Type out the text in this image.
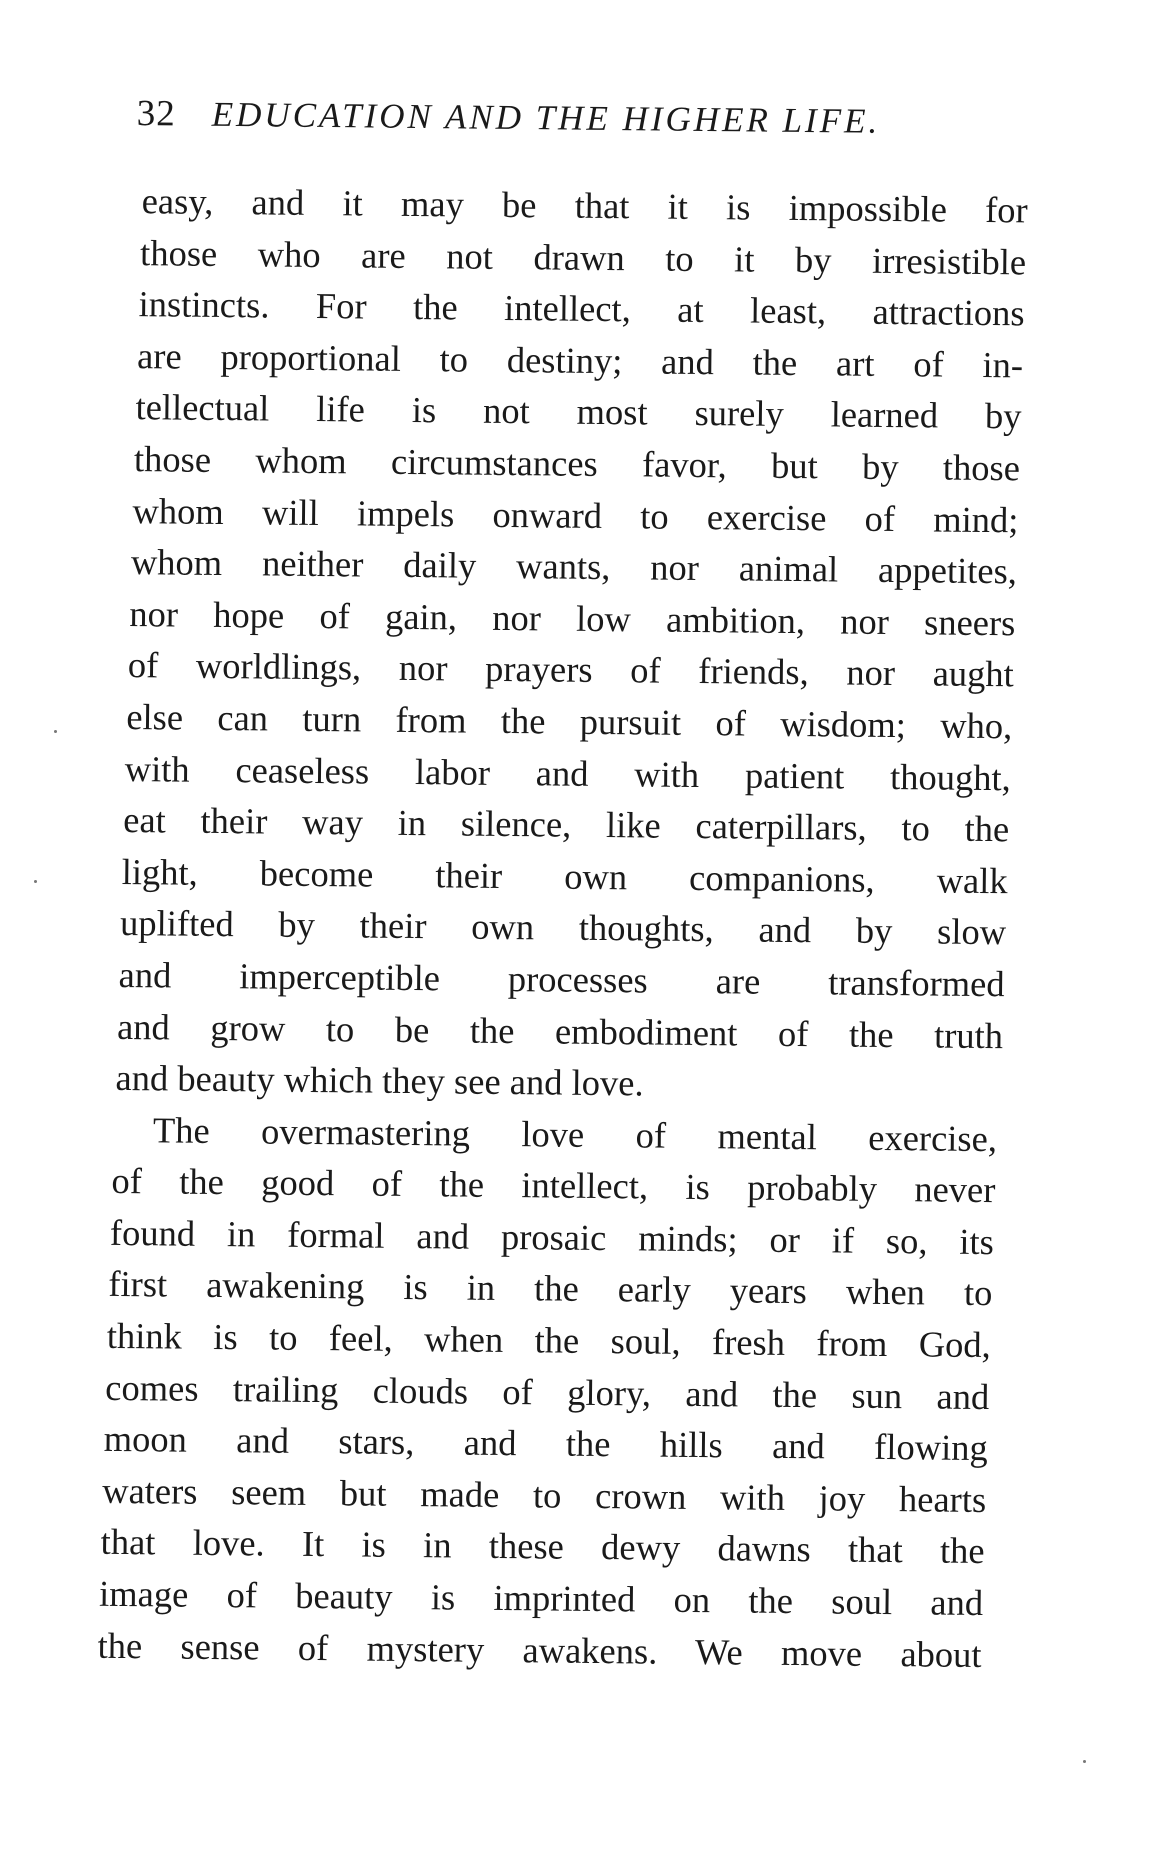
32 EDUCATION AND THE HIGHER LIFE.
easy, and it may be that it is impossible for
those who are not drawn to it by irresistible
instincts. For the intellect, at least, attractions
are proportional to destiny; and the art of in-
tellectual life is not most surely learned by
those whom circumstances favor, but by those
whom will impels onward to exercise of mind;
whom neither daily wants, nor animal appetites,
nor hope of gain, nor low ambition, nor sneers
of worldlings, nor prayers of friends, nor aught
else can turn from the pursuit of wisdom; who,
with ceaseless labor and with patient thought,
eat their way in silence, like caterpillars, to the
light, become their own companions, walk
uplifted by their own thoughts, and by slow
and imperceptible processes are transformed
and grow to be the embodiment of the truth
and beauty which they see and love.
The overmastering love of mental exercise,
of the good of the intellect, is probably never
found in formal and prosaic minds; or if so, its
first awakening is in the early years when to
think is to feel, when the soul, fresh from God,
comes trailing clouds of glory, and the sun and
moon and stars, and the hills and flowing
waters seem but made to crown with joy hearts
that love. It is in these dewy dawns that the
image of beauty is imprinted on the soul and
the sense of mystery awakens. We move about
